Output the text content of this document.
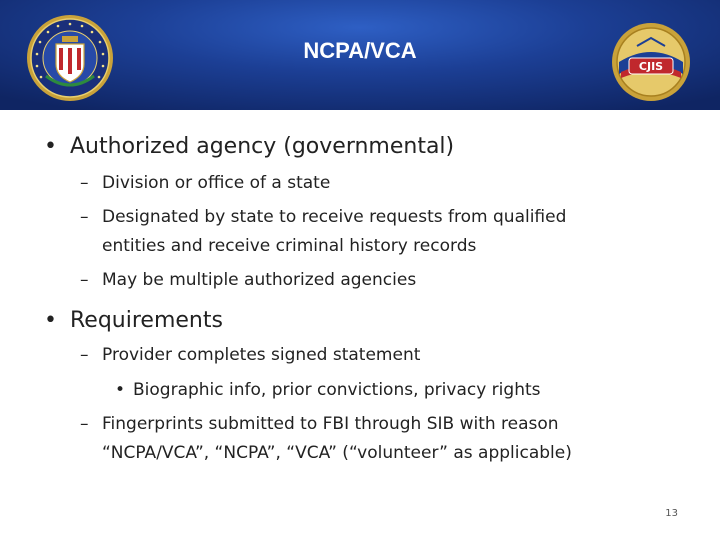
NCPA/VCA
CJIS
• Authorized agency (governmental)
– Division or office of a state
– Designated by state to receive requests from qualified
entities and receive criminal history records
– May be multiple authorized agencies
• Requirements
– Provider completes signed statement
• Biographic info, prior convictions, privacy rights
– Fingerprints submitted to FBI through SIB with reason
“NCPA/VCA”, “NCPA”, “VCA” (“volunteer” as applicable)
13
